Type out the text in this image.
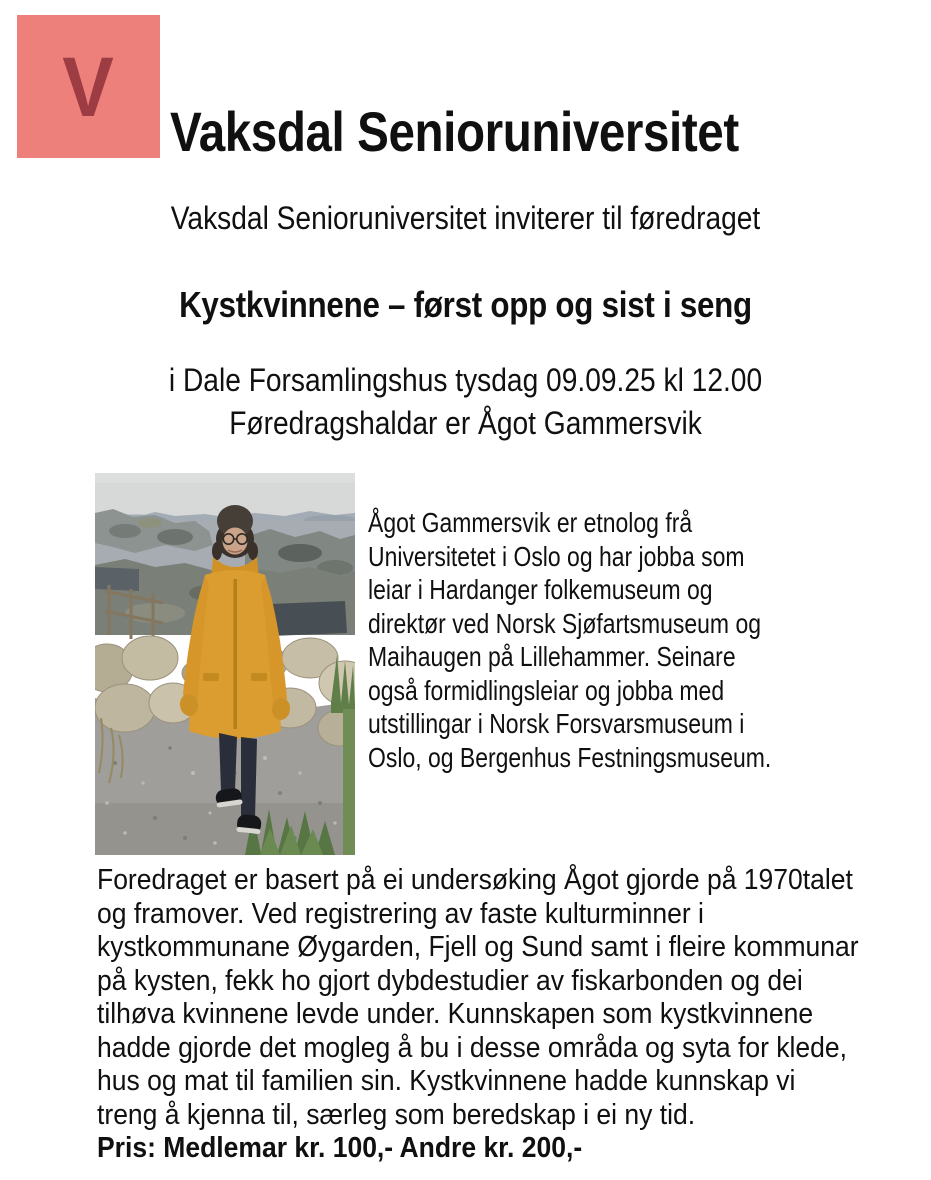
V Vaksdal Senioruniversitet
Vaksdal Senioruniversitet inviterer til føredraget
Kystkvinnene – først opp og sist i seng
i Dale Forsamlingshus tysdag 09.09.25 kl 12.00
Føredragshaldar er Ågot Gammersvik
Ågot Gammersvik er etnolog frå
Universitetet i Oslo og har jobba som
leiar i Hardanger folkemuseum og
direktør ved Norsk Sjøfartsmuseum og
Maihaugen på Lillehammer. Seinare
også formidlingsleiar og jobba med
utstillingar i Norsk Forsvarsmuseum i
Oslo, og Bergenhus Festningsmuseum.
Foredraget er basert på ei undersøking Ågot gjorde på 1970talet
og framover. Ved registrering av faste kulturminner i
kystkommunane Øygarden, Fjell og Sund samt i fleire kommunar
på kysten, fekk ho gjort dybdestudier av fiskarbonden og dei
tilhøva kvinnene levde under. Kunnskapen som kystkvinnene
hadde gjorde det mogleg å bu i desse områda og syta for klede,
hus og mat til familien sin. Kystkvinnene hadde kunnskap vi
treng å kjenna til, særleg som beredskap i ei ny tid.
Pris: Medlemar kr. 100,- Andre kr. 200,-
